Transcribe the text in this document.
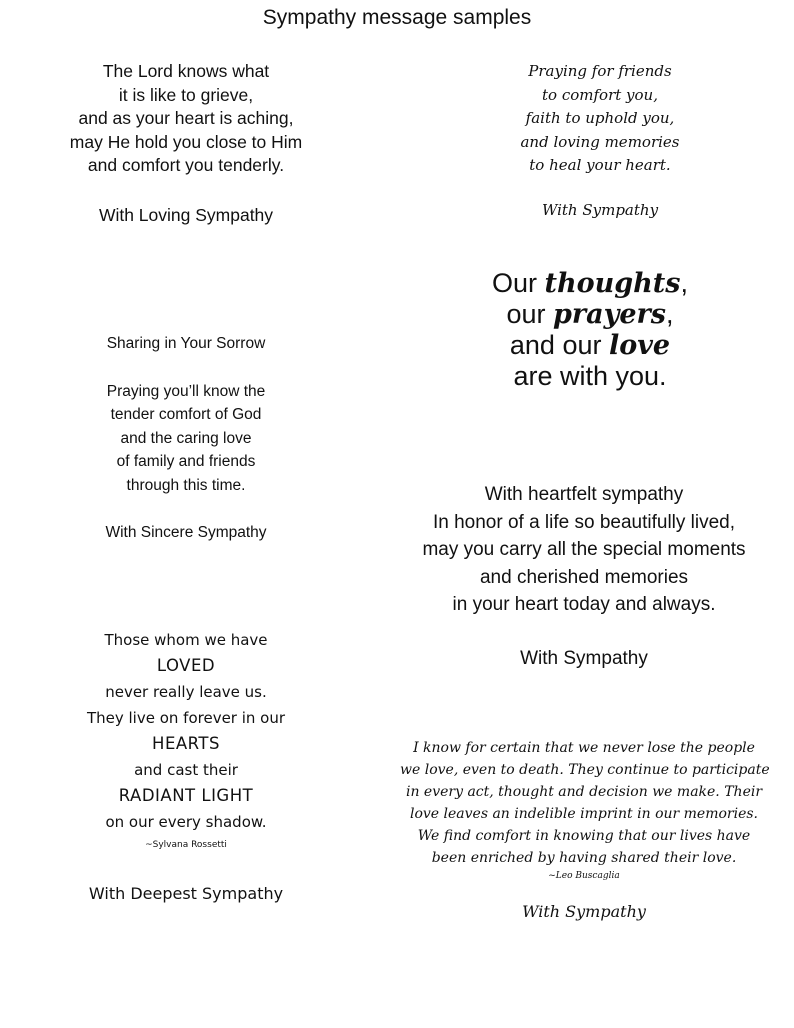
Sympathy message samples
The Lord knows what
it is like to grieve,
and as your heart is aching,
may He hold you close to Him
and comfort you tenderly.
With Loving Sympathy
Praying for friends
to comfort you,
faith to uphold you,
and loving memories
to heal your heart.
With Sympathy
Sharing in Your Sorrow
Praying you’ll know the
tender comfort of God
and the caring love
of family and friends
through this time.
With Sincere Sympathy
Our thoughts,
our prayers,
and our love
are with you.
With heartfelt sympathy
In honor of a life so beautifully lived,
may you carry all the special moments
and cherished memories
in your heart today and always.
With Sympathy
Those whom we have
LOVED
never really leave us.
They live on forever in our
HEARTS
and cast their
RADIANT LIGHT
on our every shadow.
~Sylvana Rossetti
With Deepest Sympathy
I know for certain that we never lose the people
we love, even to death. They continue to participate
in every act, thought and decision we make. Their
love leaves an indelible imprint in our memories.
We find comfort in knowing that our lives have
been enriched by having shared their love.
~Leo Buscaglia
With Sympathy
